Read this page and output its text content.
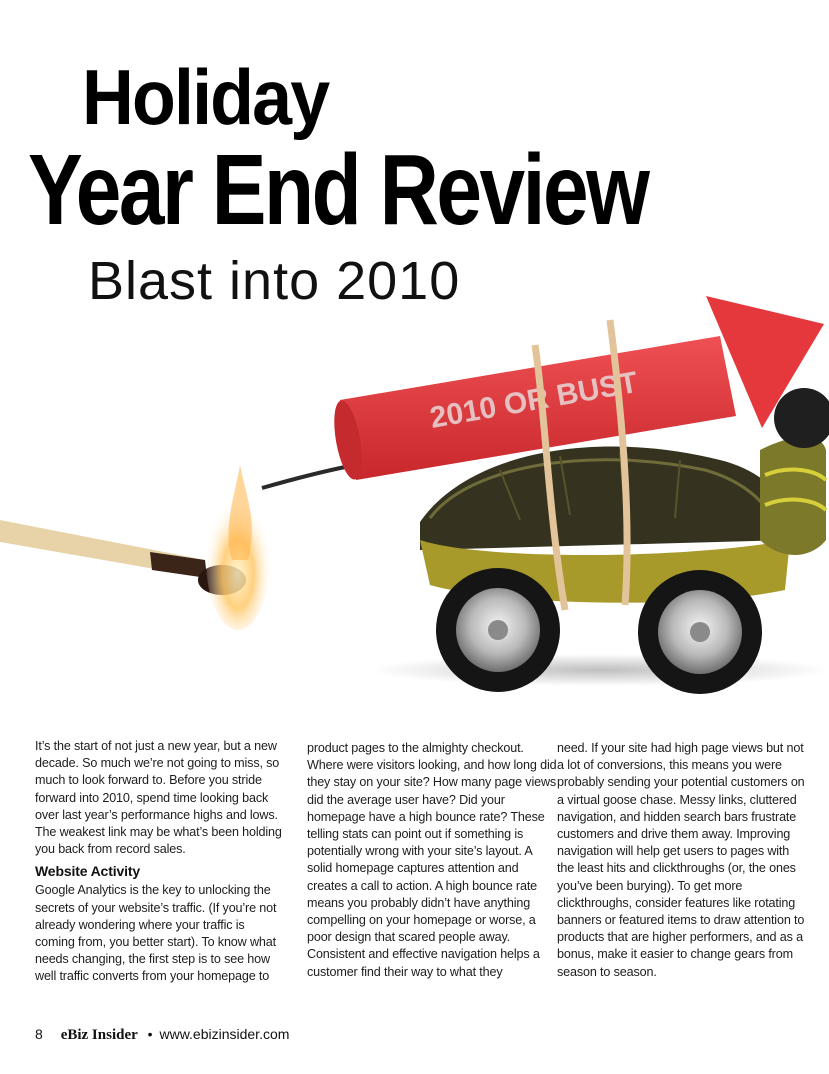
Holiday
Year End Review
Blast into 2010
2010 OR BUST

It’s the start of not just a new year, but a new decade. So much we’re not going to miss, so much to look forward to. Before you stride forward into 2010, spend time looking back over last year’s performance highs and lows. The weakest link may be what’s been holding you back from record sales.

Website Activity

Google Analytics is the key to unlocking the secrets of your website’s traffic. (If you’re not already wondering where your traffic is coming from, you better start). To know what needs changing, the first step is to see how well traffic converts from your homepage to

product pages to the almighty checkout. Where were visitors looking, and how long did they stay on your site? How many page views did the average user have? Did your homepage have a high bounce rate? These telling stats can point out if something is potentially wrong with your site’s layout. A solid homepage captures attention and creates a call to action. A high bounce rate means you probably didn’t have anything compelling on your homepage or worse, a poor design that scared people away. Consistent and effective navigation helps a customer find their way to what they

need. If your site had high page views but not a lot of conversions, this means you were probably sending your potential customers on a virtual goose chase. Messy links, cluttered navigation, and hidden search bars frustrate customers and drive them away. Improving navigation will help get users to pages with the least hits and clickthroughs (or, the ones you’ve been burying). To get more clickthroughs, consider features like rotating banners or featured items to draw attention to products that are higher performers, and as a bonus, make it easier to change gears from season to season.

8 eBiz Insider • www.ebizinsider.com
